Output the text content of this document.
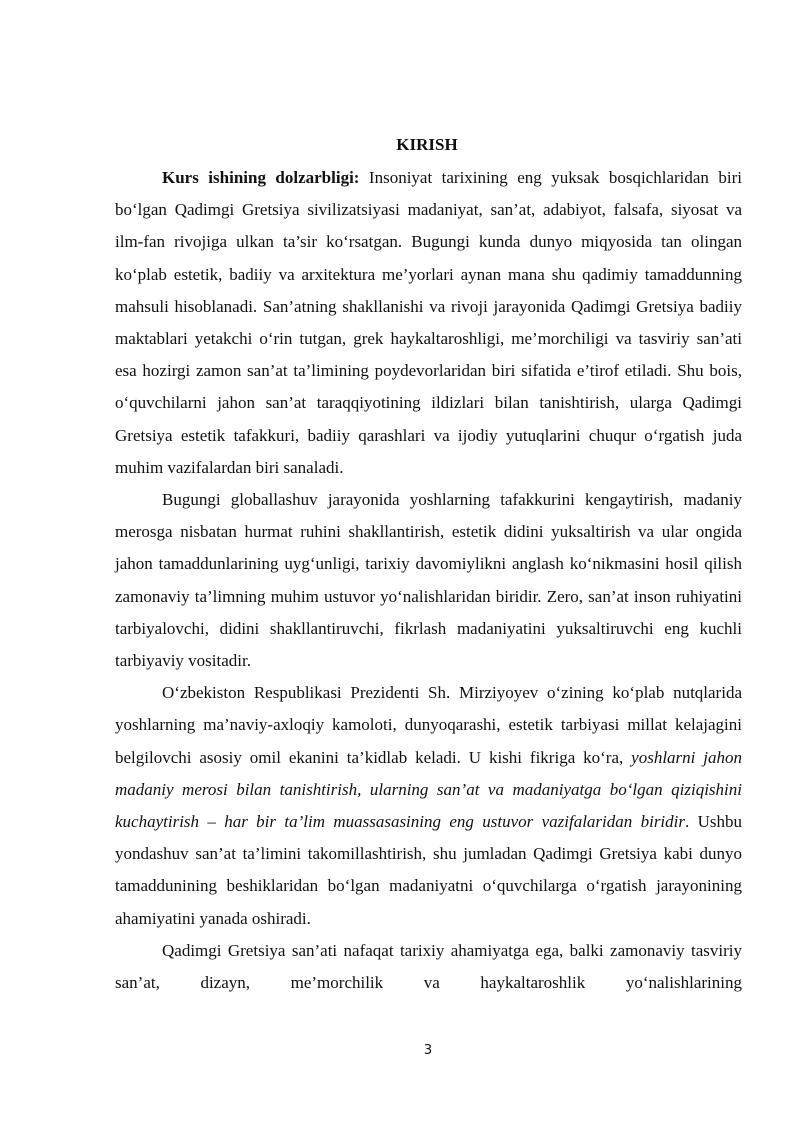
KIRISH

Kurs ishining dolzarbligi: Insoniyat tarixining eng yuksak bosqichlaridan biri bo‘lgan Qadimgi Gretsiya sivilizatsiyasi madaniyat, san’at, adabiyot, falsafa, siyosat va ilm-fan rivojiga ulkan ta’sir ko‘rsatgan. Bugungi kunda dunyo miqyosida tan olingan ko‘plab estetik, badiiy va arxitektura me’yorlari aynan mana shu qadimiy tamaddunning mahsuli hisoblanadi. San’atning shakllanishi va rivoji jarayonida Qadimgi Gretsiya badiiy maktablari yetakchi o‘rin tutgan, grek haykaltaroshligi, me’morchiligi va tasviriy san’ati esa hozirgi zamon san’at ta’limining poydevorlaridan biri sifatida e’tirof etiladi. Shu bois, o‘quvchilarni jahon san’at taraqqiyotining ildizlari bilan tanishtirish, ularga Qadimgi Gretsiya estetik tafakkuri, badiiy qarashlari va ijodiy yutuqlarini chuqur o‘rgatish juda muhim vazifalardan biri sanaladi.

Bugungi globallashuv jarayonida yoshlarning tafakkurini kengaytirish, madaniy merosga nisbatan hurmat ruhini shakllantirish, estetik didini yuksaltirish va ular ongida jahon tamaddunlarining uyg‘unligi, tarixiy davomiylikni anglash ko‘nikmasini hosil qilish zamonaviy ta’limning muhim ustuvor yo‘nalishlaridan biridir. Zero, san’at inson ruhiyatini tarbiyalovchi, didini shakllantiruvchi, fikrlash madaniyatini yuksaltiruvchi eng kuchli tarbiyaviy vositadir.

O‘zbekiston Respublikasi Prezidenti Sh. Mirziyoyev o‘zining ko‘plab nutqlarida yoshlarning ma’naviy-axloqiy kamoloti, dunyoqarashi, estetik tarbiyasi millat kelajagini belgilovchi asosiy omil ekanini ta’kidlab keladi. U kishi fikriga ko‘ra, yoshlarni jahon madaniy merosi bilan tanishtirish, ularning san’at va madaniyatga bo‘lgan qiziqishini kuchaytirish – har bir ta’lim muassasasining eng ustuvor vazifalaridan biridir. Ushbu yondashuv san’at ta’limini takomillashtirish, shu jumladan Qadimgi Gretsiya kabi dunyo tamaddunining beshiklaridan bo‘lgan madaniyatni o‘quvchilarga o‘rgatish jarayonining ahamiyatini yanada oshiradi.

Qadimgi Gretsiya san’ati nafaqat tarixiy ahamiyatga ega, balki zamonaviy tasviriy san’at, dizayn, me’morchilik va haykaltaroshlik yo‘nalishlarining

3
